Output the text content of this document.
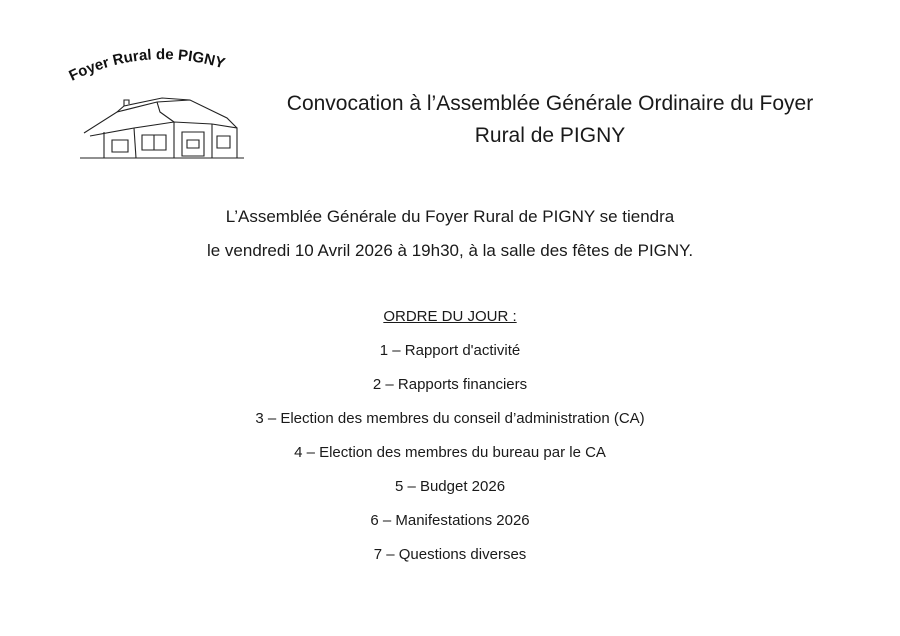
Foyer Rural de PIGNY
Convocation à l’Assemblée Générale Ordinaire du Foyer
Rural de PIGNY
L’Assemblée Générale du Foyer Rural de PIGNY se tiendra
le vendredi 10 Avril 2026 à 19h30, à la salle des fêtes de PIGNY.
ORDRE DU JOUR :
1 – Rapport d'activité
2 – Rapports financiers
3 – Election des membres du conseil d’administration (CA)
4 – Election des membres du bureau par le CA
5 – Budget 2026
6 – Manifestations 2026
7 – Questions diverses
